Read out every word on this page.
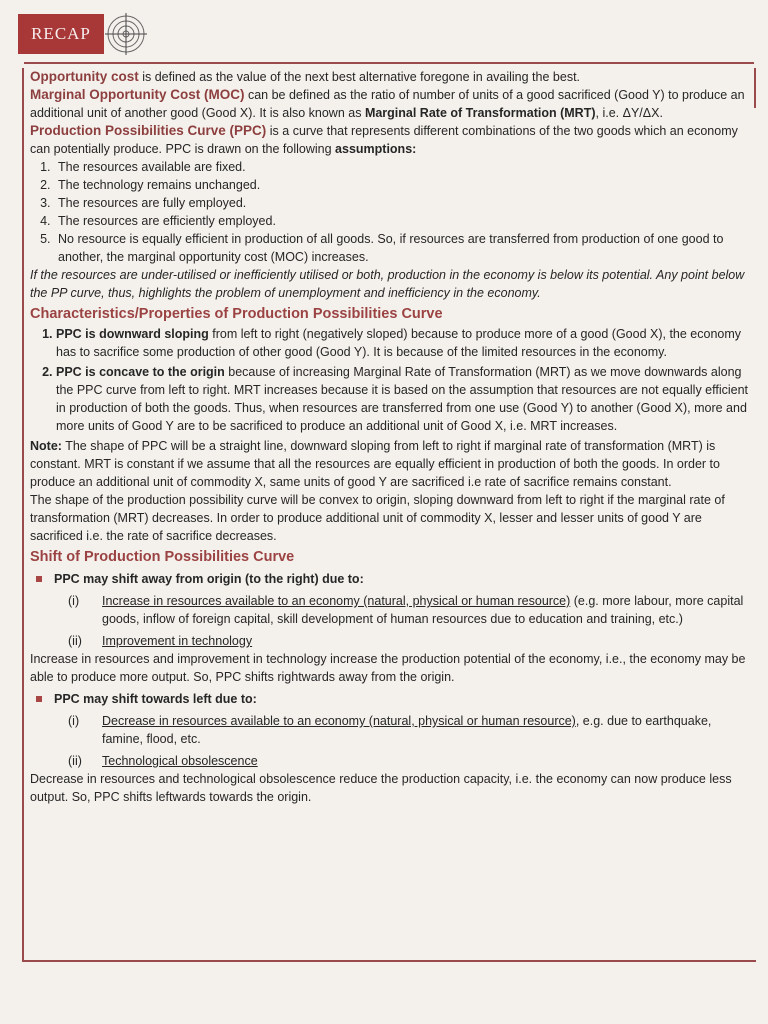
RECAP

Opportunity cost is defined as the value of the next best alternative foregone in availing the best.

Marginal Opportunity Cost (MOC) can be defined as the ratio of number of units of a good sacrificed (Good Y) to produce an additional unit of another good (Good X). It is also known as Marginal Rate of Transformation (MRT), i.e. ΔY/ΔX.

Production Possibilities Curve (PPC) is a curve that represents different combinations of the two goods which an economy can potentially produce. PPC is drawn on the following assumptions:

1. The resources available are fixed.
2. The technology remains unchanged.
3. The resources are fully employed.
4. The resources are efficiently employed.
5. No resource is equally efficient in production of all goods. So, if resources are transferred from production of one good to another, the marginal opportunity cost (MOC) increases.

If the resources are under-utilised or inefficiently utilised or both, production in the economy is below its potential. Any point below the PP curve, thus, highlights the problem of unemployment and inefficiency in the economy.

Characteristics/Properties of Production Possibilities Curve

1. PPC is downward sloping from left to right (negatively sloped) because to produce more of a good (Good X), the economy has to sacrifice some production of other good (Good Y). It is because of the limited resources in the economy.
2. PPC is concave to the origin because of increasing Marginal Rate of Transformation (MRT) as we move downwards along the PPC curve from left to right. MRT increases because it is based on the assumption that resources are not equally efficient in production of both the goods. Thus, when resources are transferred from one use (Good Y) to another (Good X), more and more units of Good Y are to be sacrificed to produce an additional unit of Good X, i.e. MRT increases.

Note: The shape of PPC will be a straight line, downward sloping from left to right if marginal rate of transformation (MRT) is constant. MRT is constant if we assume that all the resources are equally efficient in production of both the goods. In order to produce an additional unit of commodity X, same units of good Y are sacrificed i.e rate of sacrifice remains constant.

The shape of the production possibility curve will be convex to origin, sloping downward from left to right if the marginal rate of transformation (MRT) decreases. In order to produce additional unit of commodity X, lesser and lesser units of good Y are sacrificed i.e. the rate of sacrifice decreases.

Shift of Production Possibilities Curve

PPC may shift away from origin (to the right) due to:
(i)	Increase in resources available to an economy (natural, physical or human resource) (e.g. more labour, more capital goods, inflow of foreign capital, skill development of human resources due to education and training, etc.)
(ii)	Improvement in technology

Increase in resources and improvement in technology increase the production potential of the economy, i.e., the economy may be able to produce more output. So, PPC shifts rightwards away from the origin.

PPC may shift towards left due to:
(i)	Decrease in resources available to an economy (natural, physical or human resource), e.g. due to earthquake, famine, flood, etc.
(ii)	Technological obsolescence

Decrease in resources and technological obsolescence reduce the production capacity, i.e. the economy can now produce less output. So, PPC shifts leftwards towards the origin.
